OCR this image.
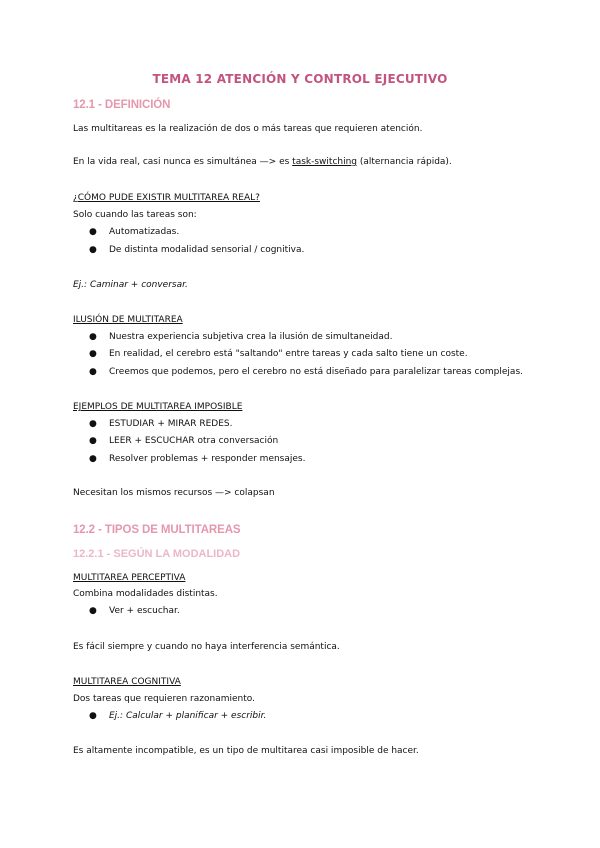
TEMA 12 ATENCIÓN Y CONTROL EJECUTIVO
12.1 - DEFINICIÓN
Las multitareas es la realización de dos o más tareas que requieren atención.
En la vida real, casi nunca es simultánea —> es task-switching (alternancia rápida).
¿CÓMO PUDE EXISTIR MULTITAREA REAL?
Solo cuando las tareas son:
● Automatizadas.
● De distinta modalidad sensorial / cognitiva.
Ej.: Caminar + conversar.
ILUSIÓN DE MULTITAREA
● Nuestra experiencia subjetiva crea la ilusión de simultaneidad.
● En realidad, el cerebro está "saltando" entre tareas y cada salto tiene un coste.
● Creemos que podemos, pero el cerebro no está diseñado para paralelizar tareas complejas.
EJEMPLOS DE MULTITAREA IMPOSIBLE
● ESTUDIAR + MIRAR REDES.
● LEER + ESCUCHAR otra conversación
● Resolver problemas + responder mensajes.
Necesitan los mismos recursos —> colapsan
12.2 - TIPOS DE MULTITAREAS
12.2.1 - SEGÚN LA MODALIDAD
MULTITAREA PERCEPTIVA
Combina modalidades distintas.
● Ver + escuchar.
Es fácil siempre y cuando no haya interferencia semántica.
MULTITAREA COGNITIVA
Dos tareas que requieren razonamiento.
● Ej.: Calcular + planificar + escribir.
Es altamente incompatible, es un tipo de multitarea casi imposible de hacer.
